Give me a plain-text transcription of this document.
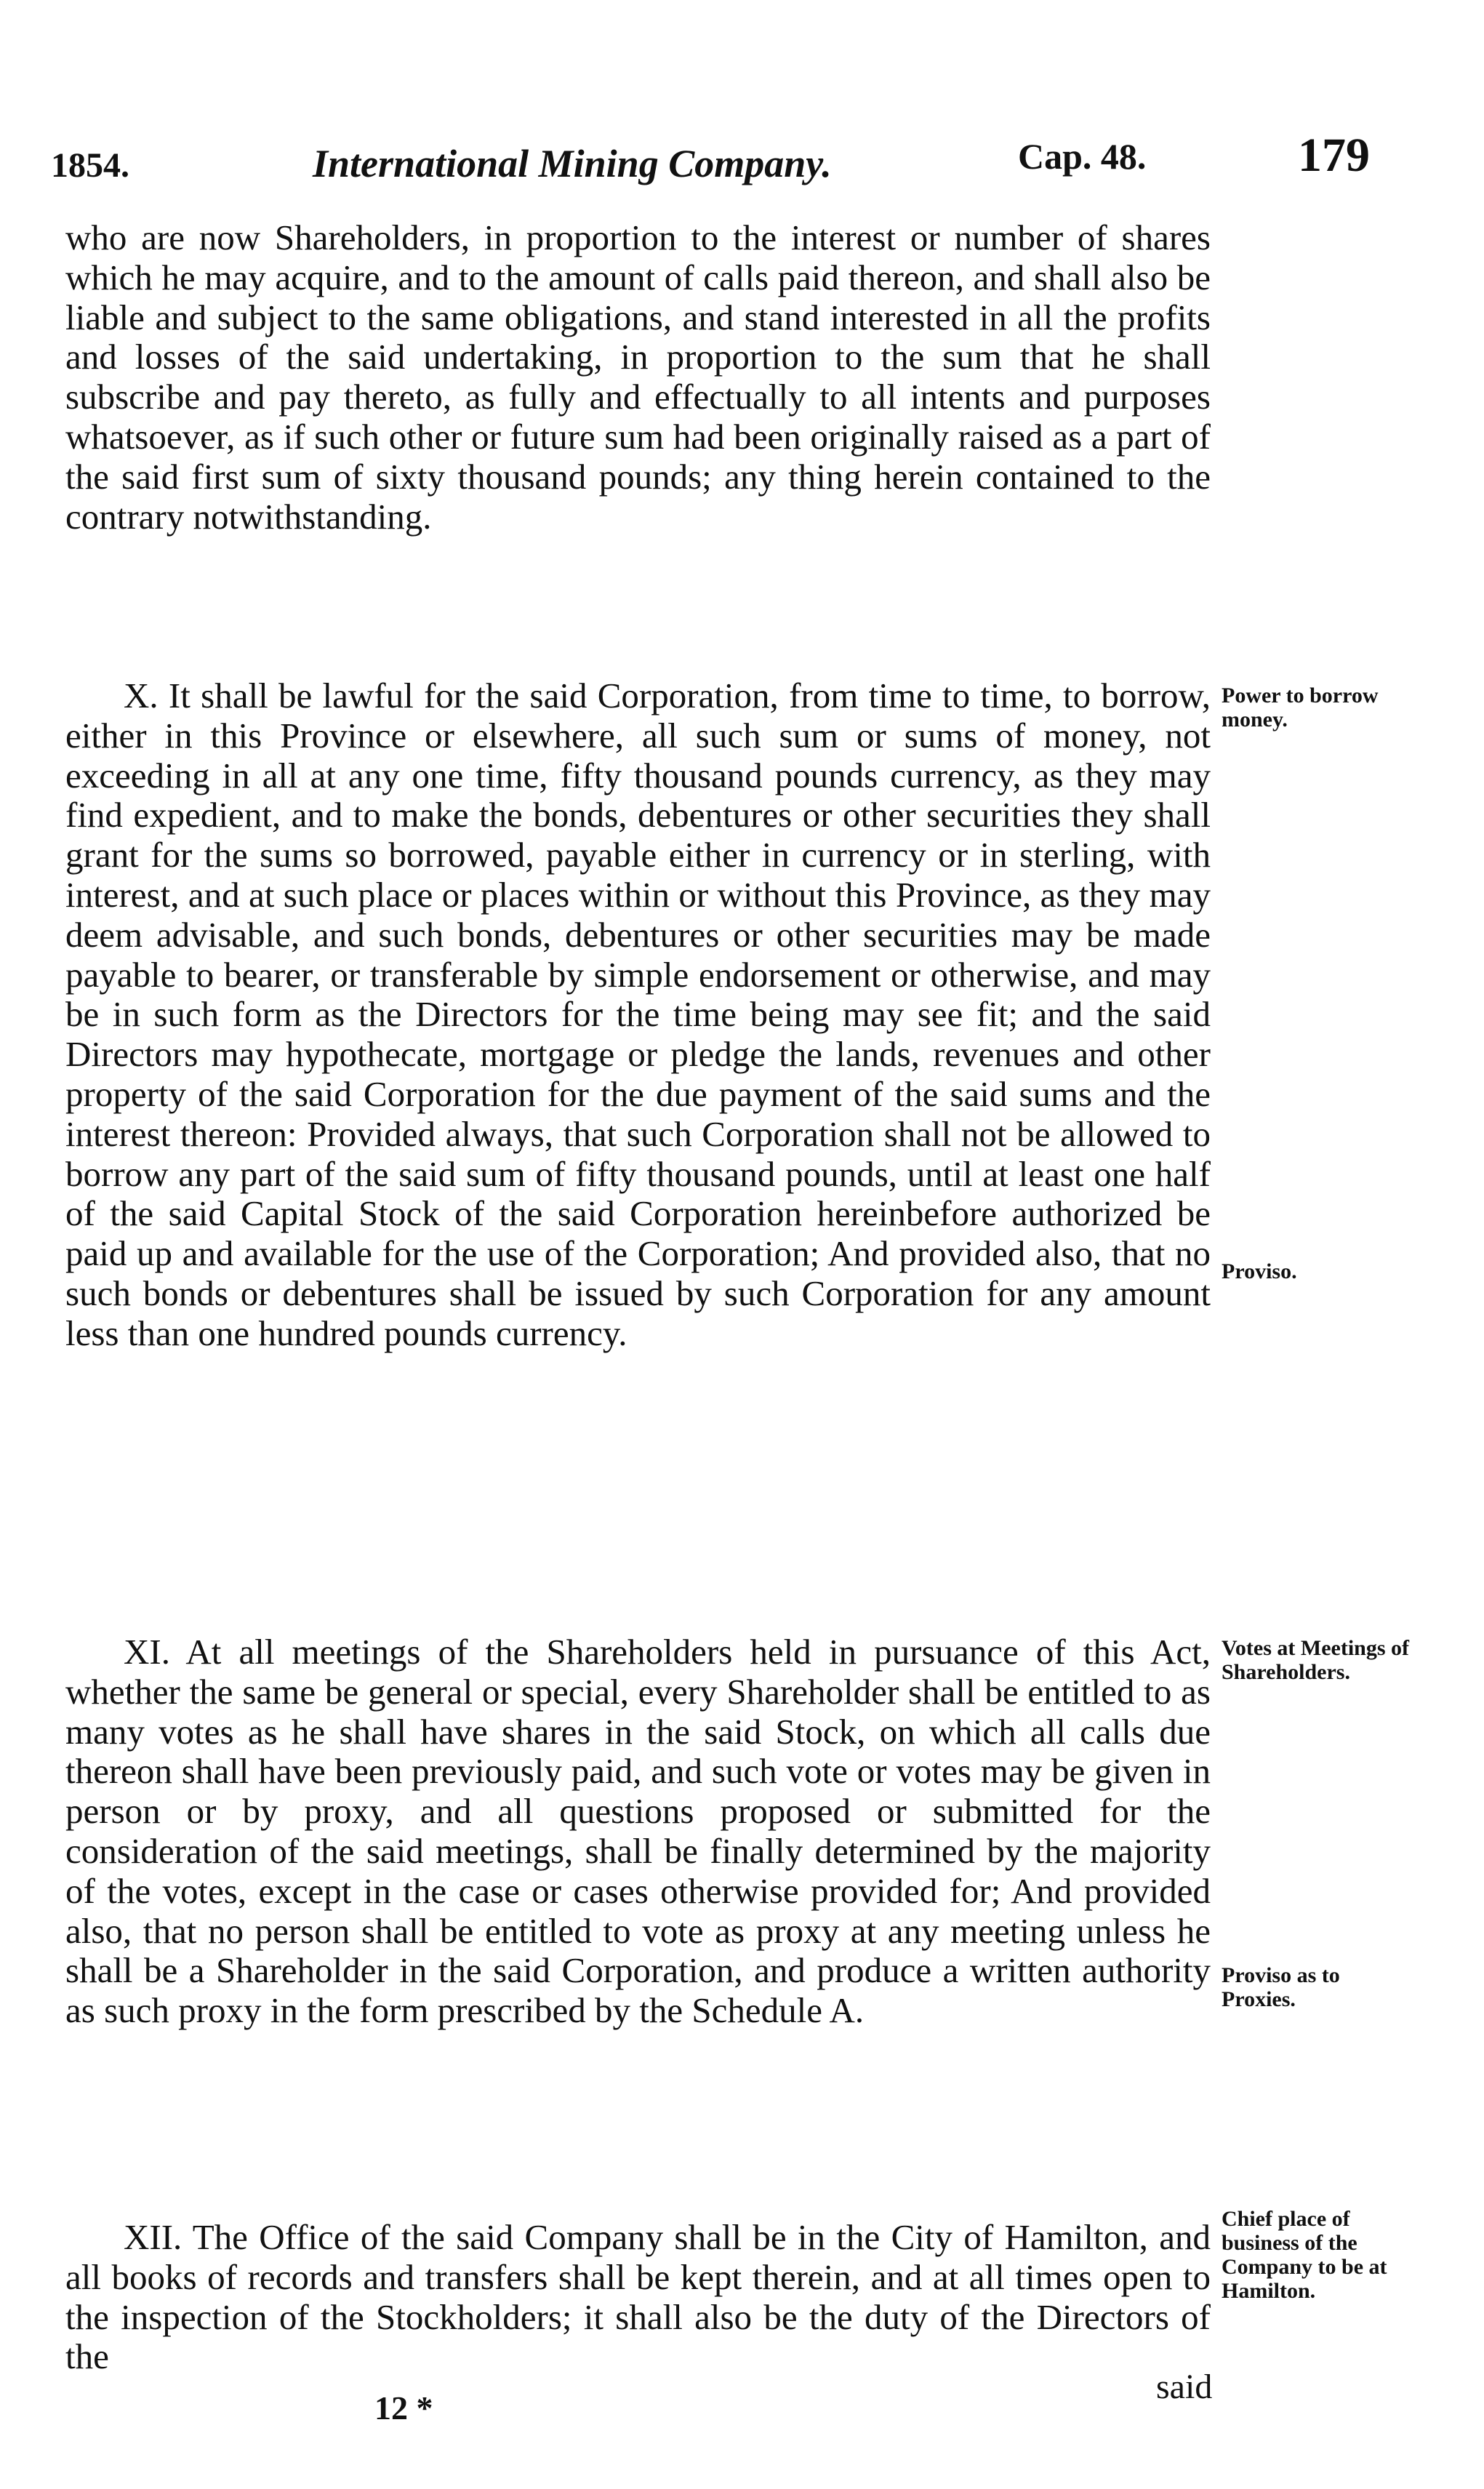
1854.	International Mining Company.	Cap. 48.	179

who are now Shareholders, in proportion to the interest or number of shares which he may acquire, and to the amount of calls paid thereon, and shall also be liable and subject to the same obligations, and stand interested in all the profits and losses of the said undertaking, in proportion to the sum that he shall subscribe and pay thereto, as fully and effectually to all intents and purposes whatsoever, as if such other or future sum had been originally raised as a part of the said first sum of sixty thousand pounds; any thing herein contained to the contrary notwithstanding.

X. It shall be lawful for the said Corporation, from time to time, to borrow, either in this Province or elsewhere, all such sum or sums of money, not exceeding in all at any one time, fifty thousand pounds currency, as they may find expedient, and to make the bonds, debentures or other securities they shall grant for the sums so borrowed, payable either in currency or in sterling, with interest, and at such place or places within or without this Province, as they may deem advisable, and such bonds, debentures or other securities may be made payable to bearer, or transferable by simple endorsement or otherwise, and may be in such form as the Directors for the time being may see fit; and the said Directors may hypothecate, mortgage or pledge the lands, revenues and other property of the said Corporation for the due payment of the said sums and the interest thereon: Provided always, that such Corporation shall not be allowed to borrow any part of the said sum of fifty thousand pounds, until at least one half of the said Capital Stock of the said Corporation hereinbefore authorized be paid up and available for the use of the Corporation; And provided also, that no such bonds or debentures shall be issued by such Corporation for any amount less than one hundred pounds currency.

XI. At all meetings of the Shareholders held in pursuance of this Act, whether the same be general or special, every Shareholder shall be entitled to as many votes as he shall have shares in the said Stock, on which all calls due thereon shall have been previously paid, and such vote or votes may be given in person or by proxy, and all questions proposed or submitted for the consideration of the said meetings, shall be finally determined by the majority of the votes, except in the case or cases otherwise provided for; And provided also, that no person shall be entitled to vote as proxy at any meeting unless he shall be a Shareholder in the said Corporation, and produce a written authority as such proxy in the form prescribed by the Schedule A.

XII. The Office of the said Company shall be in the City of Hamilton, and all books of records and transfers shall be kept therein, and at all times open to the inspection of the Stockholders; it shall also be the duty of the Directors of the

Power to borrow money.
Proviso.
Votes at Meetings of Shareholders.
Proviso as to Proxies.
Chief place of business of the Company to be at Hamilton.
said
12 *
